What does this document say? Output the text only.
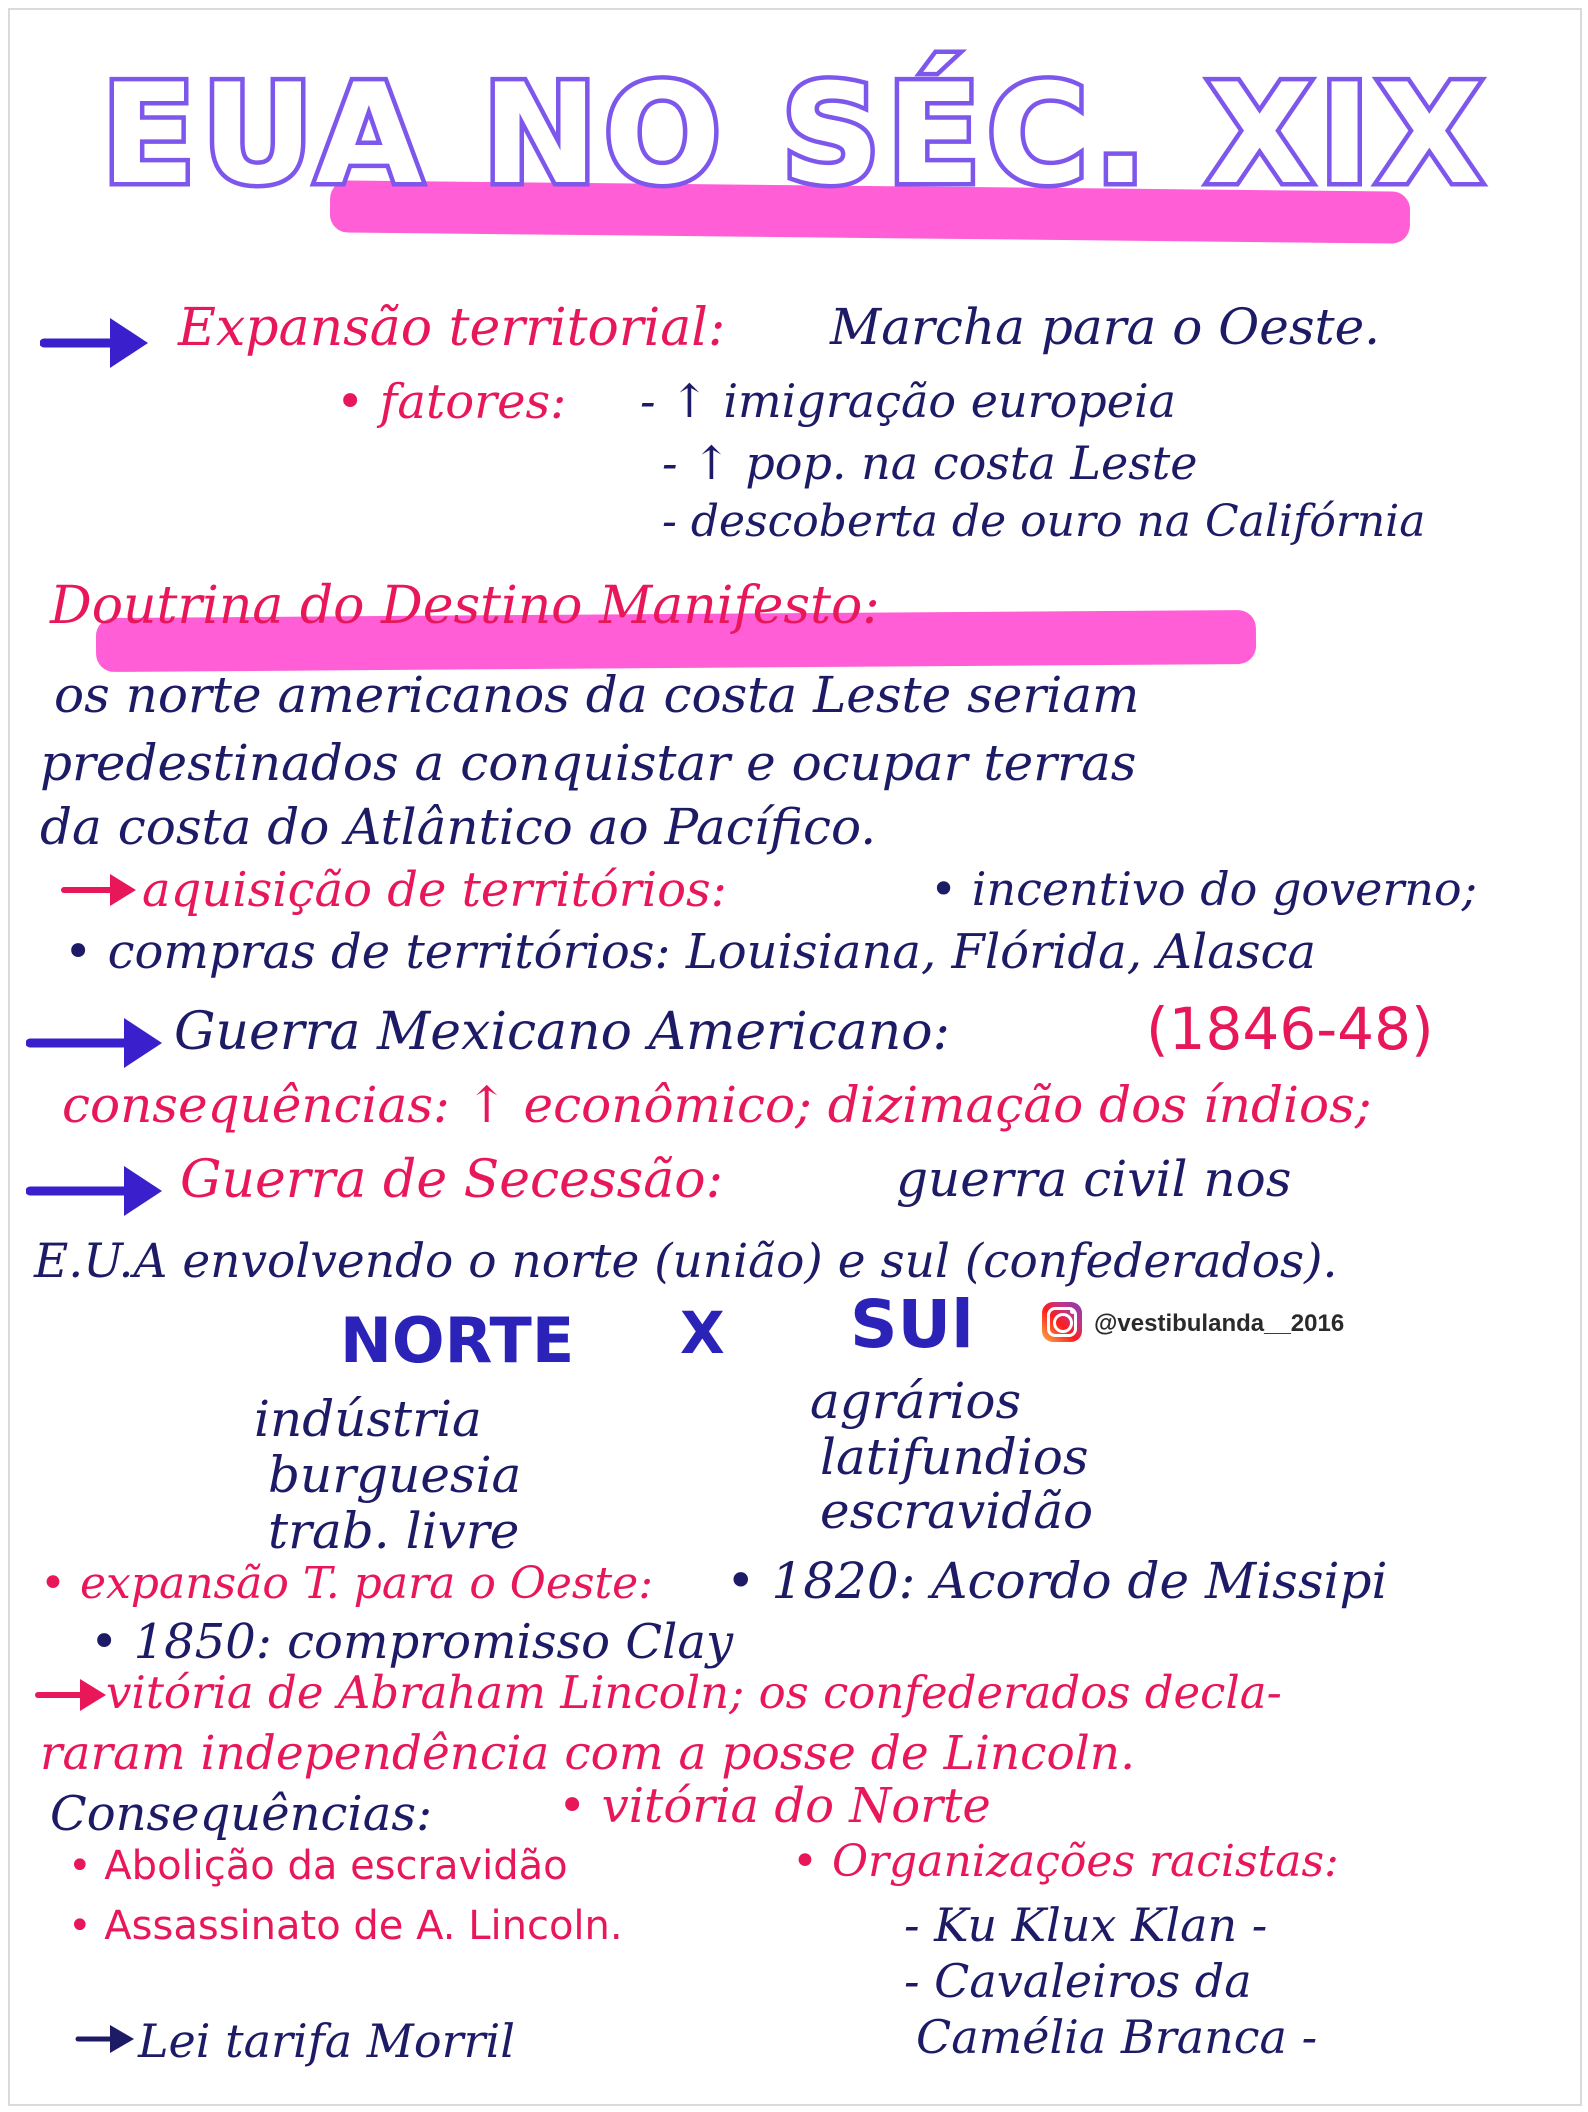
EUA NO SÉC. XIX
Expansão territorial: Marcha para o Oeste.
• fatores: - ↑ imigração europeia
- ↑ pop. na costa Leste
- descoberta de ouro na Califórnia
Doutrina do Destino Manifesto:
os norte americanos da costa Leste seriam
predestinados a conquistar e ocupar terras
da costa do Atlântico ao Pacífico.
aquisição de territórios:	• incentivo do governo;
• compras de territórios: Louisiana, Flórida, Alasca
Guerra Mexicano Americano:	(1846-48)
consequências: ↑ econômico; dizimação dos índios;
Guerra de Secessão:	guerra civil nos
E.U.A envolvendo o norte (união) e sul (confederados).
NORTE X SUl	@vestibulanda__2016
indústria
burguesia
trab. livre
agrários
latifundios
escravidão
• expansão T. para o Oeste: • 1820: Acordo de Missipi
• 1850: compromisso Clay
vitória de Abraham Lincoln; os confederados decla-
raram independência com a posse de Lincoln.
Consequências:	• vitória do Norte
• Abolição da escravidão
• Assassinato de A. Lincoln.
• Organizações racistas:
- Ku Klux Klan -
- Cavaleiros da
Camélia Branca -
Lei tarifa Morril
